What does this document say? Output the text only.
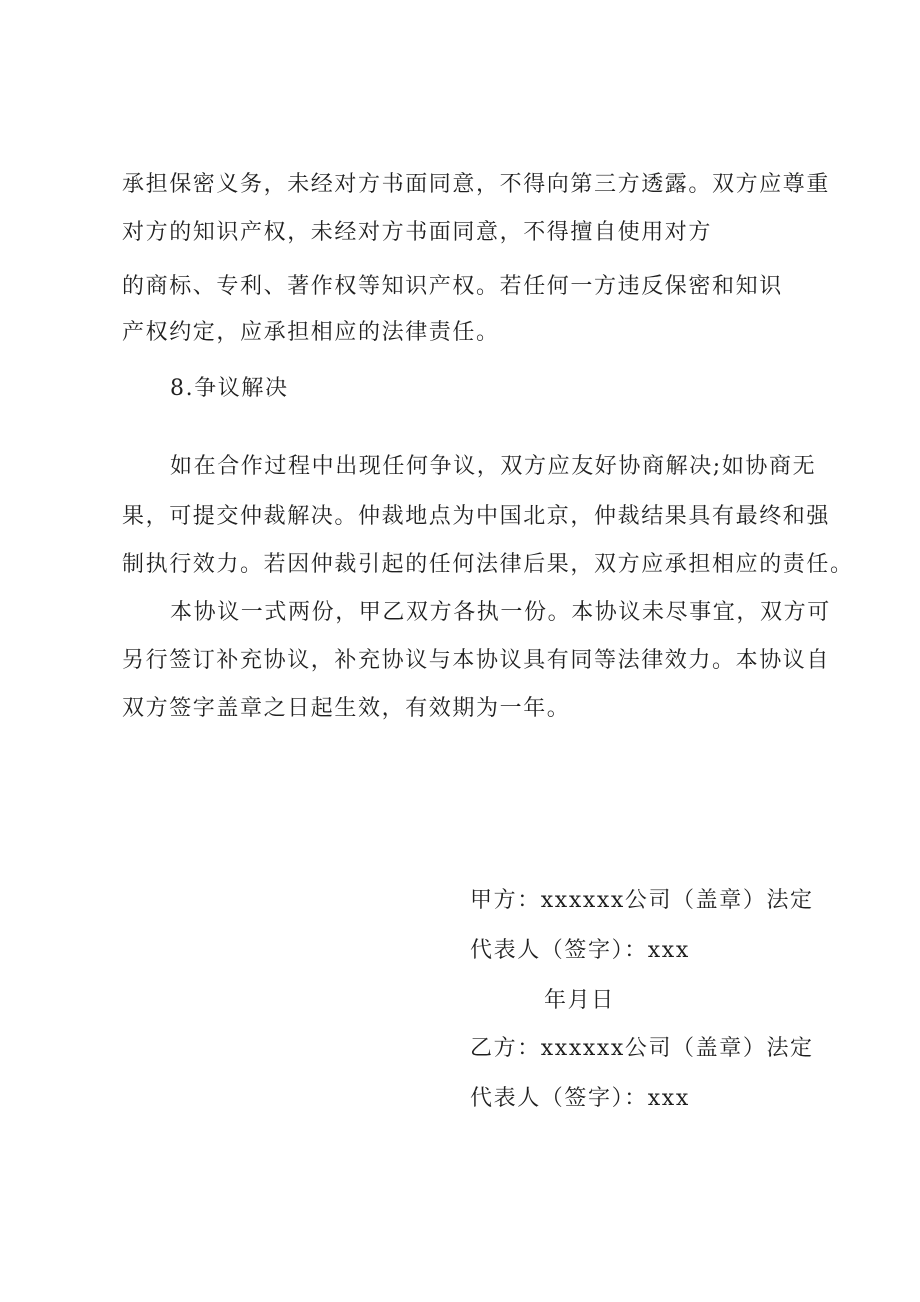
承担保密义务，未经对方书面同意，不得向第三方透露。双方应尊重
对方的知识产权，未经对方书面同意，不得擅自使用对方
的商标、专利、著作权等知识产权。若任何一方违反保密和知识
产权约定，应承担相应的法律责任。
8.争议解决
如在合作过程中出现任何争议，双方应友好协商解决;如协商无
果，可提交仲裁解决。仲裁地点为中国北京，仲裁结果具有最终和强
制执行效力。若因仲裁引起的任何法律后果，双方应承担相应的责任。
本协议一式两份，甲乙双方各执一份。本协议未尽事宜，双方可
另行签订补充协议，补充协议与本协议具有同等法律效力。本协议自
双方签字盖章之日起生效，有效期为一年。
甲方：xxxxxx公司（盖章）法定
代表人（签字）：xxx
年月日
乙方：xxxxxx公司（盖章）法定
代表人（签字）：xxx
